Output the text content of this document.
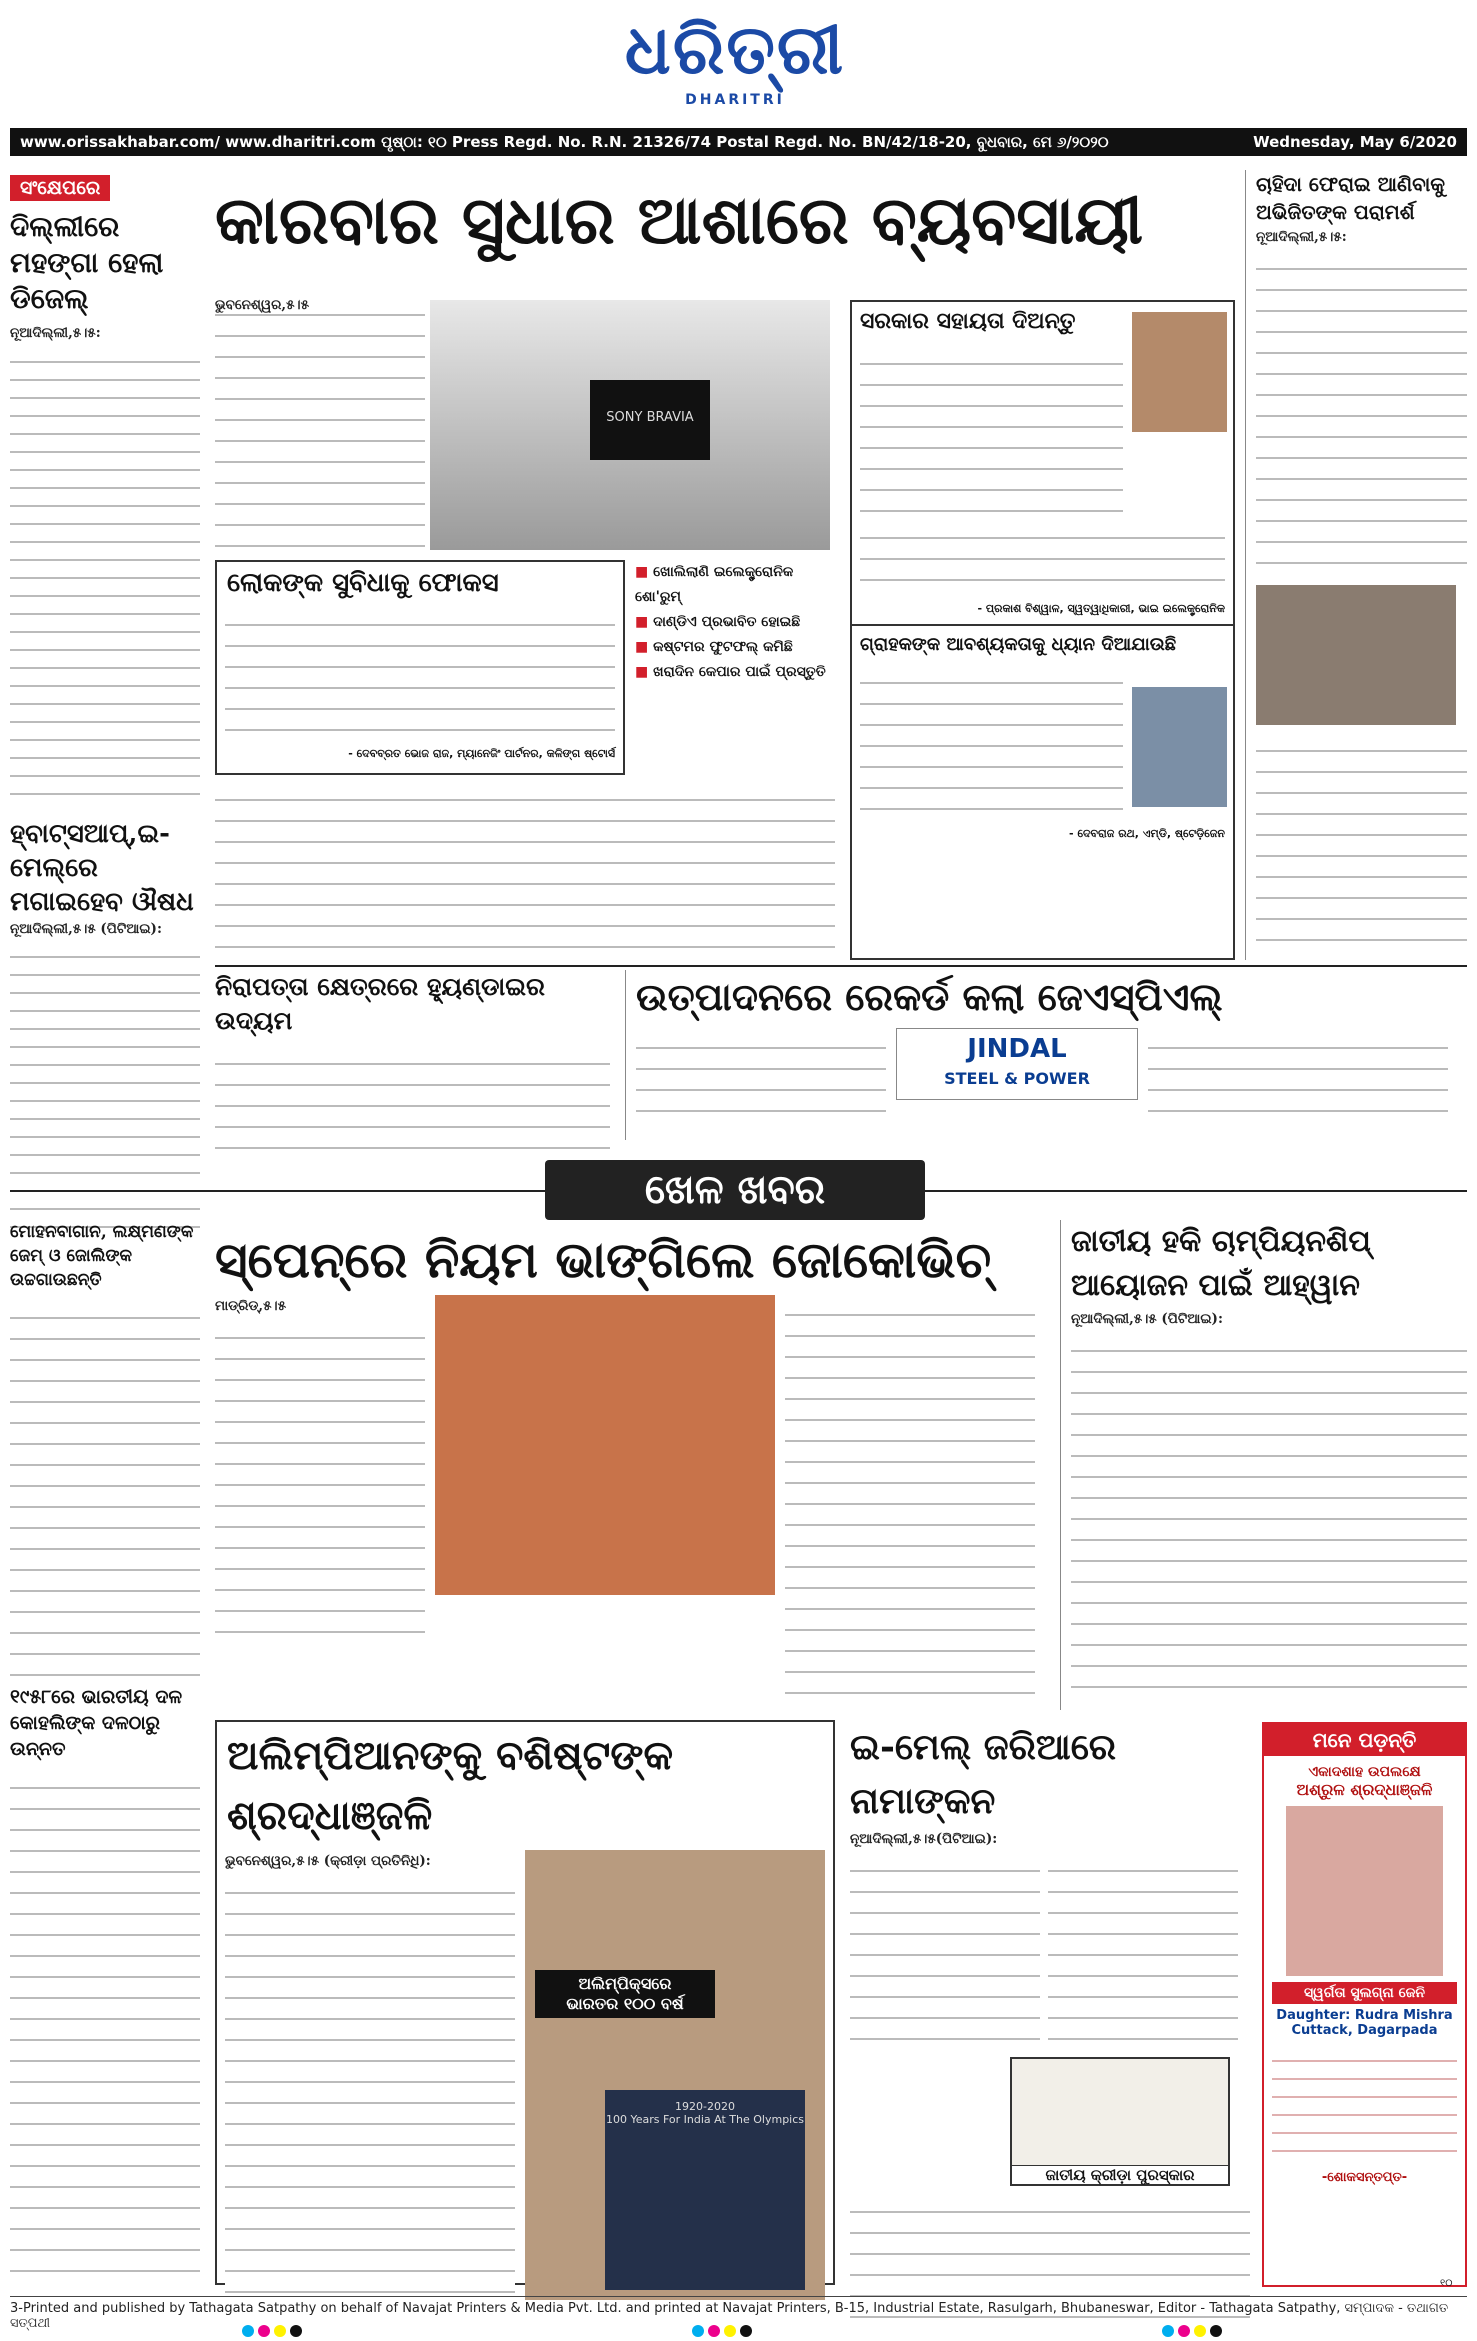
ଧରିତ୍ରୀ
DHARITRI
www.orissakhabar.com/ www.dharitri.com ପୃଷ୍ଠା: ୧୦ Press Regd. No. R.N. 21326/74 Postal Regd. No. BN/42/18-20, ବୁଧବାର, ମେ ୬/୨୦୨୦	Wednesday, May 6/2020
ସଂକ୍ଷେପରେ
ଦିଲ୍ଲୀରେ ମହଙ୍ଗା ହେଲା ଡିଜେଲ୍
ନୂଆଦିଲ୍ଲୀ,୫।୫:
ହ୍ବାଟ୍ସଆପ୍,ଇ-ମେଲ୍‌ରେ ମଗାଇହେବ ଔଷଧ
ନୂଆଦିଲ୍ଲୀ,୫।୫ (ପିଟିଆଇ):
କାରବାର ସୁଧାର ଆଶାରେ ବ୍ୟବସାୟୀ
ଭୁବନେଶ୍ୱର,୫।୫
SONY BRAVIA
ଲୋକଙ୍କ ସୁବିଧାକୁ ଫୋକସ
- ଦେବବ୍ରତ ଭୋଜ ରାଜ, ମ୍ୟାନେଜିଂ ପାର୍ଟନର, କଳିଙ୍ଗ ଷ୍ଟୋର୍ସ
■ ଖୋଲିଲାଣି ଇଲେକ୍ଟ୍ରୋନିକ ଶୋ'ରୁମ୍
■ ଦାଣ୍ଡିଏ ପ୍ରଭାବିତ ହୋଇଛି
■ କଷ୍ଟମର ଫୁଟଫଲ୍ କମିଛି
■ ଖରାଦିନ କେପାର ପାଇଁ ପ୍ରସ୍ତୁତି
ସରକାର ସହାୟତା ଦିଅନ୍ତୁ
- ପ୍ରକାଶ ବିଶ୍ୱାଳ, ସ୍ୱତ୍ୱାଧିକାରୀ, ଭାଇ ଇଲେକ୍ଟ୍ରୋନିକ
ଗ୍ରାହକଙ୍କ ଆବଶ୍ୟକତାକୁ ଧ୍ୟାନ ଦିଆଯାଉଛି
- ଦେବରାଜ ରଥ, ଏମ୍‌ଡି, ଷ୍ଟେଡ଼ିଜେନ
ଚାହିଦା ଫେରାଇ ଆଣିବାକୁ ଅଭିଜିତଙ୍କ ପରାମର୍ଶ
ନୂଆଦିଲ୍ଲୀ,୫।୫:
ନିରାପତ୍ତା କ୍ଷେତ୍ରରେ ହ୍ୟୁଣ୍ଡାଇର ଉଦ୍ୟମ
ଉତ୍ପାଦନରେ ରେକର୍ଡ କଲା ଜେଏସ୍‌ପିଏଲ୍
JINDAL
STEEL & POWER
ଖେଳ ଖବର
ମୋହନବାଗାନ, ଲକ୍ଷ୍ମଣଙ୍କ ଜେମ୍‌ ଓ ଜୋଲିଙ୍କ ଉଚ୍ଚଗାଉଛନ୍ତି
୧୯୫୮ରେ ଭାରତୀୟ ଦଳ କୋହଲିଙ୍କ ଦଳଠାରୁ ଉନ୍ନତ
ସ୍ପେନ୍‌ରେ ନିୟମ ଭାଙ୍ଗିଲେ ଜୋକୋଭିଚ୍
ମାଡ୍ରିଡ୍,୫।୫
ଜାତୀୟ ହକି ଚାମ୍ପିୟନଶିପ୍ ଆୟୋଜନ ପାଇଁ ଆହ୍ୱାନ
ନୂଆଦିଲ୍ଲୀ,୫।୫ (ପିଟିଆଇ):
ଅଲିମ୍ପିଆନଙ୍କୁ ବଶିଷ୍ଟଙ୍କ ଶ୍ରଦ୍ଧାଞ୍ଜଳି
ଭୁବନେଶ୍ୱର,୫।୫ (କ୍ରୀଡ଼ା ପ୍ରତିନିଧି):
ଅଲିମ୍ପିକ୍ସରେ
ଭାରତର ୧୦୦ ବର୍ଷ
1920-2020
100 Years For India At The Olympics
ଇ-ମେଲ୍ ଜରିଆରେ ନାମାଙ୍କନ
ନୂଆଦିଲ୍ଲୀ,୫।୫(ପିଟିଆଇ):
ଜାତୀୟ କ୍ରୀଡ଼ା ପୁରସ୍କାର
ମନେ ପଡ଼ନ୍ତି
ଏକାଦଶାହ ଉପଲକ୍ଷେ
ଅଶ୍ରୁଳ ଶ୍ରଦ୍ଧାଞ୍ଜଳି
ସ୍ୱର୍ଗତା ସୁଲଗ୍ନା ଜେନି
Daughter: Rudra Mishra
Cuttack, Dagarpada
-ଶୋକସନ୍ତପ୍ତ-
3-Printed and published by Tathagata Satpathy on behalf of Navajat Printers & Media Pvt. Ltd. and printed at Navajat Printers, B-15, Industrial Estate, Rasulgarh, Bhubaneswar, Editor - Tathagata Satpathy, ସମ୍ପାଦକ - ତଥାଗତ ସତ୍ପଥୀ
୧୦
